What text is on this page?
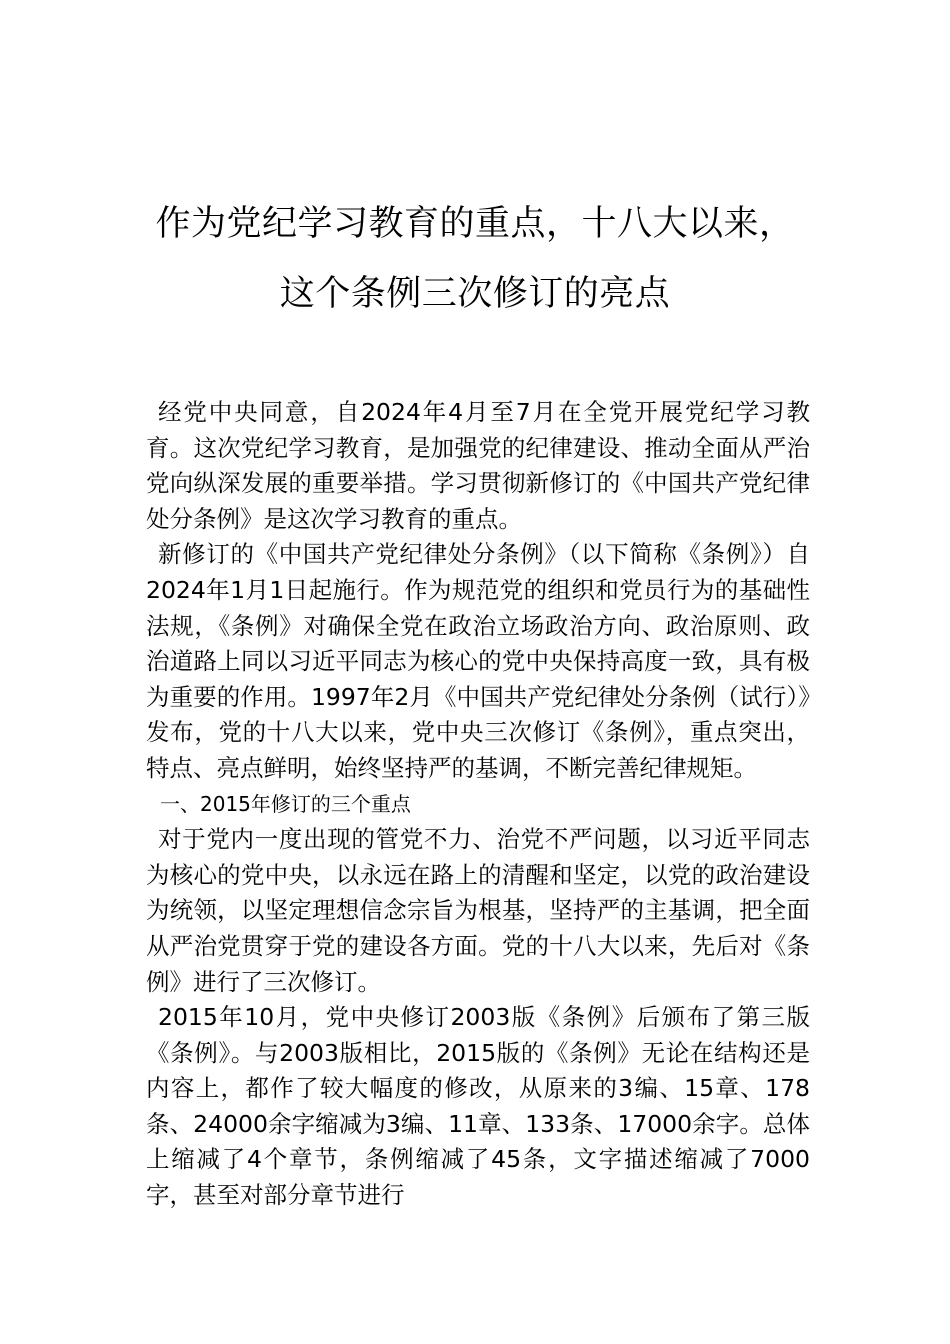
作为党纪学习教育的重点，十八大以来，
这个条例三次修订的亮点

经党中央同意，自2024年4月至7月在全党开展党纪学习教育。这次党纪学习教育，是加强党的纪律建设、推动全面从严治党向纵深发展的重要举措。学习贯彻新修订的《中国共产党纪律处分条例》是这次学习教育的重点。

新修订的《中国共产党纪律处分条例》（以下简称《条例》）自2024年1月1日起施行。作为规范党的组织和党员行为的基础性法规，《条例》对确保全党在政治立场政治方向、政治原则、政治道路上同以习近平同志为核心的党中央保持高度一致，具有极为重要的作用。1997年2月《中国共产党纪律处分条例（试行）》发布，党的十八大以来，党中央三次修订《条例》，重点突出，特点、亮点鲜明，始终坚持严的基调，不断完善纪律规矩。

一、2015年修订的三个重点

对于党内一度出现的管党不力、治党不严问题，以习近平同志为核心的党中央，以永远在路上的清醒和坚定，以党的政治建设为统领，以坚定理想信念宗旨为根基，坚持严的主基调，把全面从严治党贯穿于党的建设各方面。党的十八大以来，先后对《条例》进行了三次修订。

2015年10月，党中央修订2003版《条例》后颁布了第三版《条例》。与2003版相比，2015版的《条例》无论在结构还是内容上，都作了较大幅度的修改，从原来的3编、15章、178条、24000余字缩减为3编、11章、133条、17000余字。总体上缩减了4个章节，条例缩减了45条，文字描述缩减了7000字，甚至对部分章节进行
